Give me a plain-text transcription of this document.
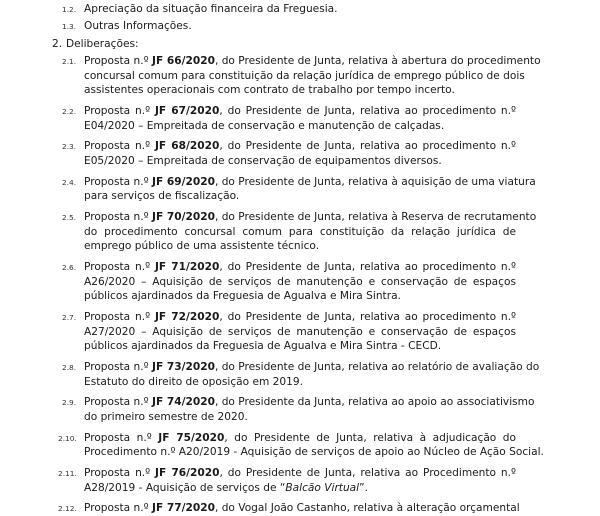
1.2. Apreciação da situação financeira da Freguesia.
1.3. Outras Informações.
2. Deliberações:
2.1. Proposta n.º JF 66/2020, do Presidente de Junta, relativa à abertura do procedimento
concursal comum para constituição da relação jurídica de emprego público de dois
assistentes operacionais com contrato de trabalho por tempo incerto.
2.2. Proposta n.º JF 67/2020, do Presidente de Junta, relativa ao procedimento n.º
E04/2020 – Empreitada de conservação e manutenção de calçadas.
2.3. Proposta n.º JF 68/2020, do Presidente de Junta, relativa ao procedimento n.º
E05/2020 – Empreitada de conservação de equipamentos diversos.
2.4. Proposta n.º JF 69/2020, do Presidente de Junta, relativa à aquisição de uma viatura
para serviços de fiscalização.
2.5. Proposta n.º JF 70/2020, do Presidente de Junta, relativa à Reserva de recrutamento
do procedimento concursal comum para constituição da relação jurídica de
emprego público de uma assistente técnico.
2.6. Proposta n.º JF 71/2020, do Presidente de Junta, relativa ao procedimento n.º
A26/2020 – Aquisição de serviços de manutenção e conservação de espaços
públicos ajardinados da Freguesia de Agualva e Mira Sintra.
2.7. Proposta n.º JF 72/2020, do Presidente de Junta, relativa ao procedimento n.º
A27/2020 – Aquisição de serviços de manutenção e conservação de espaços
públicos ajardinados da Freguesia de Agualva e Mira Sintra - CECD.
2.8. Proposta n.º JF 73/2020, do Presidente de Junta, relativa ao relatório de avaliação do
Estatuto do direito de oposição em 2019.
2.9. Proposta n.º JF 74/2020, do Presidente da Junta, relativa ao apoio ao associativismo
do primeiro semestre de 2020.
2.10. Proposta n.º JF 75/2020, do Presidente de Junta, relativa à adjudicação do
Procedimento n.º A20/2019 - Aquisição de serviços de apoio ao Núcleo de Ação Social.
2.11. Proposta n.º JF 76/2020, do Presidente de Junta, relativa ao Procedimento n.º
A28/2019 - Aquisição de serviços de “Balcão Virtual”.
2.12. Proposta n.º JF 77/2020, do Vogal João Castanho, relativa à alteração orçamental
